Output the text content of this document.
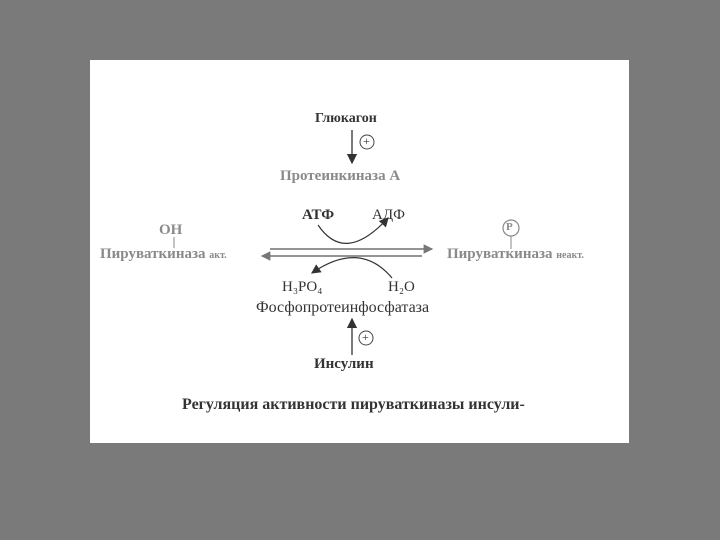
Глюкагон
+
Протеинкиназа А
АТФ	АДФ
ОН
Пируваткиназа акт.
Р
Пируваткиназа неакт.
H₃PO₄	H₂O
Фосфопротеинфосфатаза
+
Инсулин
Регуляция активности пируваткиназы инсули-
